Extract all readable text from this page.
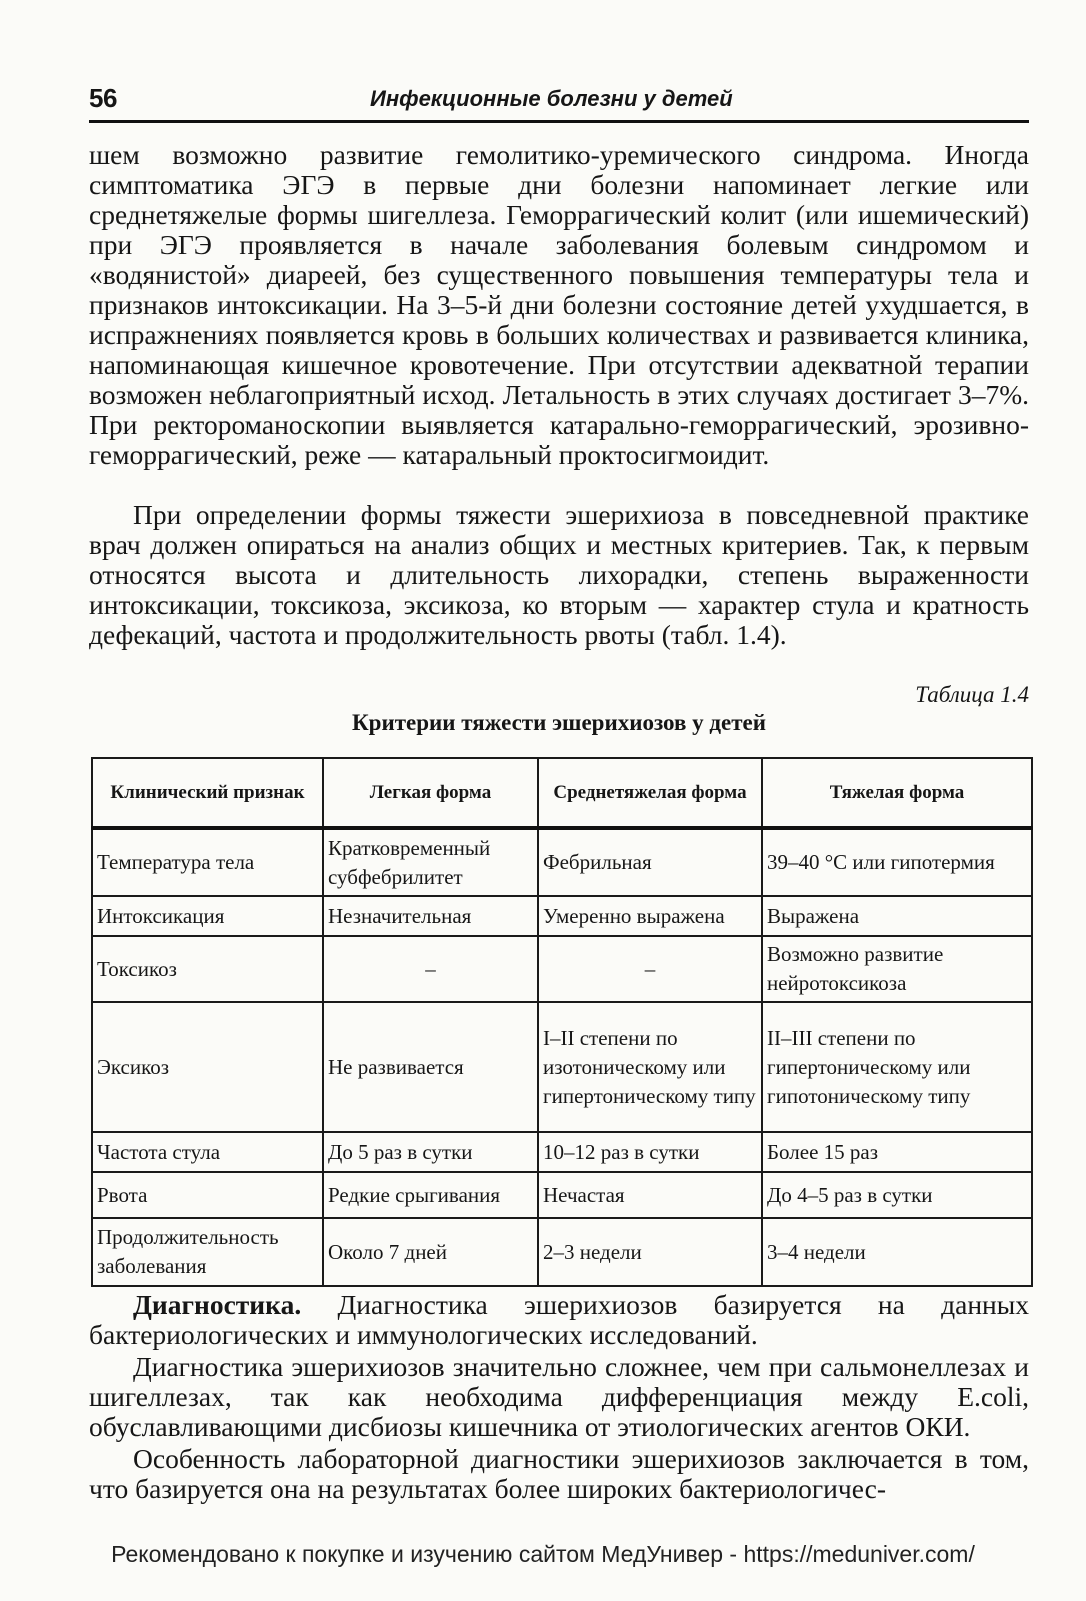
56	Инфекционные болезни у детей

шем возможно развитие гемолитико-уремического синдрома. Иногда симптоматика ЭГЭ в первые дни болезни напоминает легкие или среднетяжелые формы шигеллеза. Геморрагический колит (или ишемический) при ЭГЭ проявляется в начале заболевания болевым синдромом и «водянистой» диареей, без существенного повышения температуры тела и признаков интоксикации. На 3–5-й дни болезни состояние детей ухудшается, в испражнениях появляется кровь в больших количествах и развивается клиника, напоминающая кишечное кровотечение. При отсутствии адекватной терапии возможен неблагоприятный исход. Летальность в этих случаях достигает 3–7%. При ректороманоскопии выявляется катарально-геморрагический, эрозивно-геморрагический, реже — катаральный проктосигмоидит.

При определении формы тяжести эшерихиоза в повседневной практике врач должен опираться на анализ общих и местных критериев. Так, к первым относятся высота и длительность лихорадки, степень выраженности интоксикации, токсикоза, эксикоза, ко вторым — характер стула и кратность дефекаций, частота и продолжительность рвоты (табл. 1.4).

Таблица 1.4
Критерии тяжести эшерихиозов у детей
Клинический признак	Легкая форма	Среднетяжелая форма	Тяжелая форма
Температура тела	Кратковременный субфебрилитет	Фебрильная	39–40 °С или гипотермия
Интоксикация	Незначительная	Умеренно выражена	Выражена
Токсикоз	–	–	Возможно развитие нейротоксикоза
Эксикоз	Не развивается	I–II степени по изотоническому или гипертоническому типу	II–III степени по гипертоническому или гипотоническому типу
Частота стула	До 5 раз в сутки	10–12 раз в сутки	Более 15 раз
Рвота	Редкие срыгивания	Нечастая	До 4–5 раз в сутки
Продолжительность заболевания	Около 7 дней	2–3 недели	3–4 недели

Диагностика. Диагностика эшерихиозов базируется на данных бактериологических и иммунологических исследований.

Диагностика эшерихиозов значительно сложнее, чем при сальмонеллезах и шигеллезах, так как необходима дифференциация между E.coli, обуславливающими дисбиозы кишечника от этиологических агентов ОКИ.

Особенность лабораторной диагностики эшерихиозов заключается в том, что базируется она на результатах более широких бактериологичес-

Рекомендовано к покупке и изучению сайтом МедУнивер - https://meduniver.com/
